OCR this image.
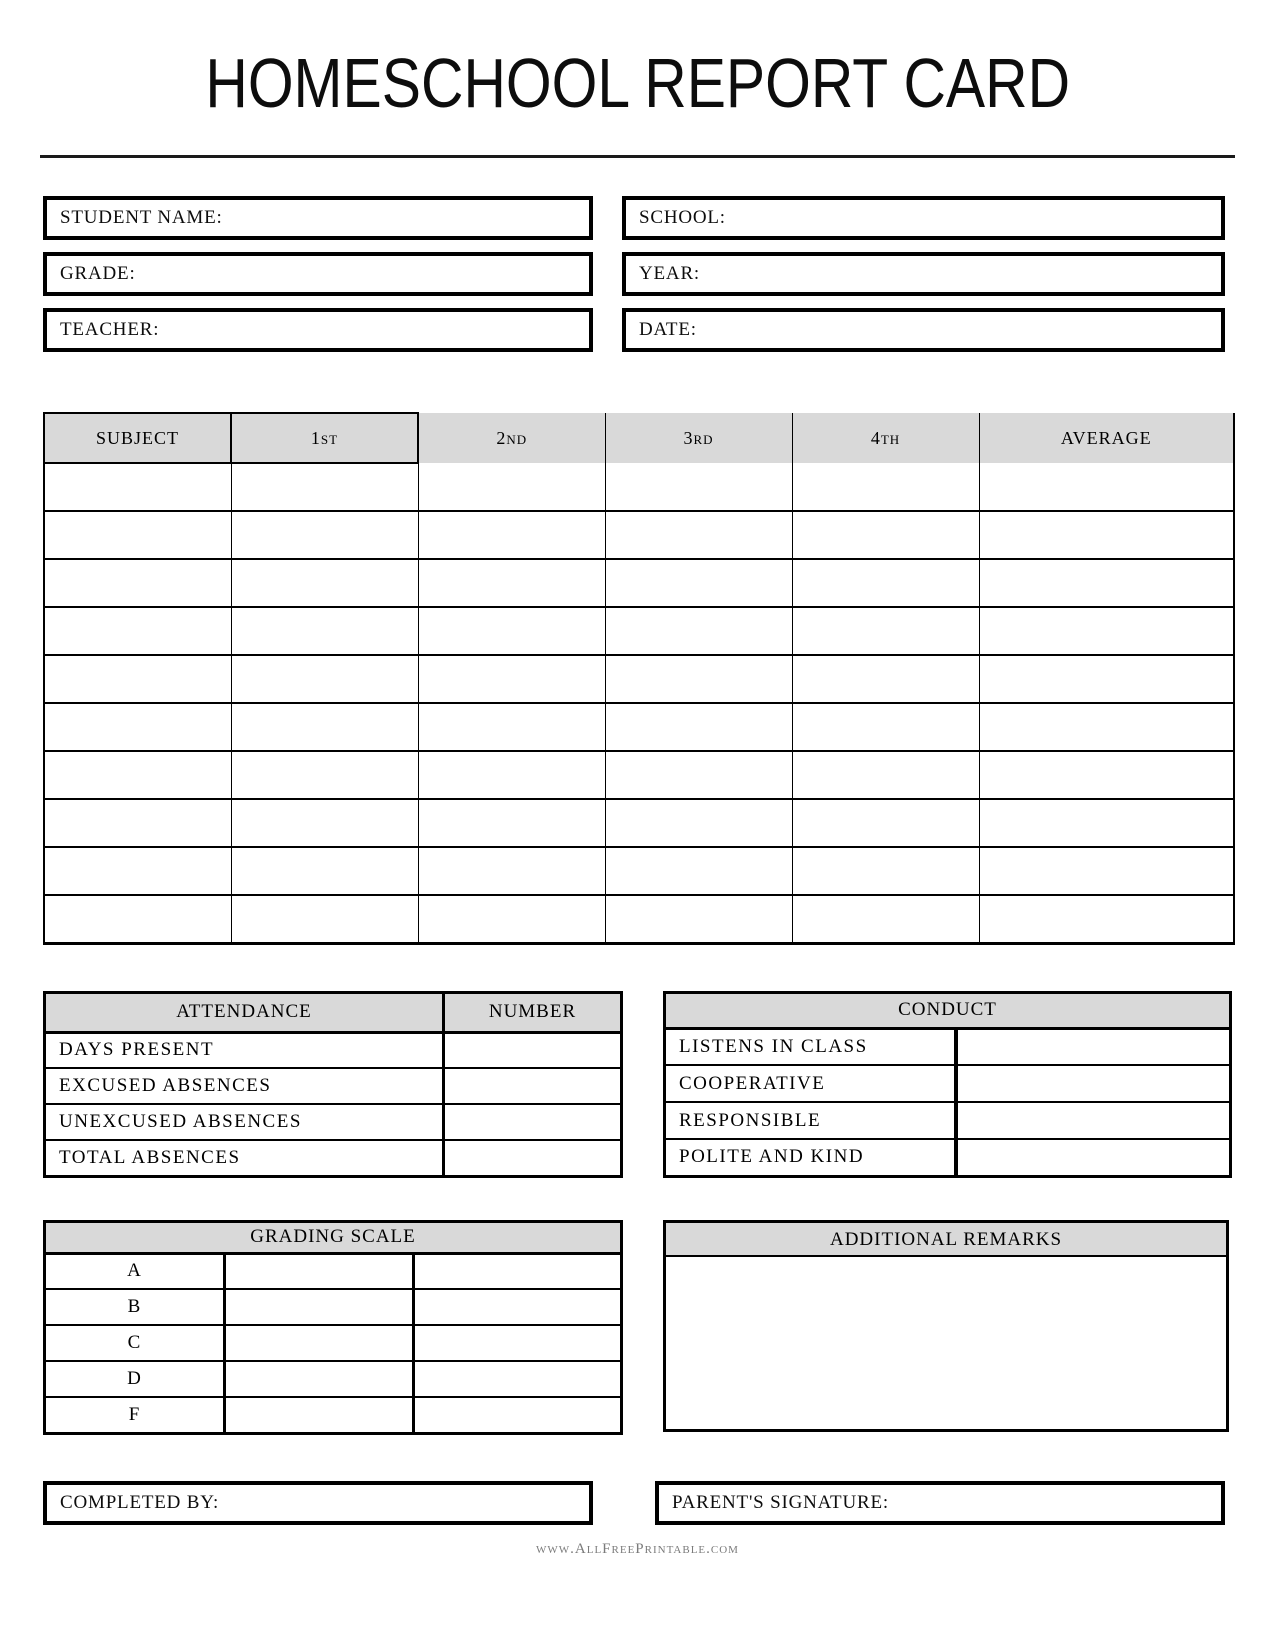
HOMESCHOOL REPORT CARD
STUDENT NAME:	SCHOOL:
GRADE:	YEAR:
TEACHER:	DATE:
SUBJECT	1st	2nd	3rd	4th	AVERAGE

ATTENDANCE	NUMBER
DAYS PRESENT	
EXCUSED ABSENCES	
UNEXCUSED ABSENCES	
TOTAL ABSENCES	
CONDUCT	
LISTENS IN CLASS	
COOPERATIVE	
RESPONSIBLE	
POLITE AND KIND	
GRADING SCALE		
A		
B		
C		
D		
F		
ADDITIONAL REMARKS
COMPLETED BY:	PARENT'S SIGNATURE:
www.AllFreePrintable.com
